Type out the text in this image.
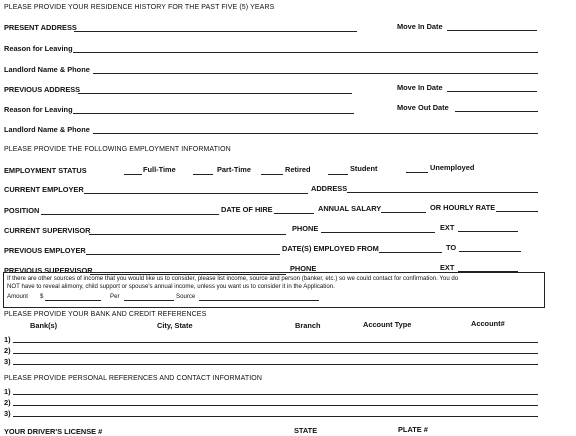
PLEASE PROVIDE YOUR RESIDENCE HISTORY FOR THE PAST FIVE (5) YEARS
PRESENT ADDRESS	Move In Date
Reason for Leaving
Landlord Name & Phone
PREVIOUS ADDRESS	Move In Date
Reason for Leaving	Move Out Date
Landlord Name & Phone
PLEASE PROVIDE THE FOLLOWING EMPLOYMENT INFORMATION
EMPLOYMENT STATUS	Full-Time	Part-Time	Retired	Student	Unemployed
CURRENT EMPLOYER	ADDRESS
POSITION	DATE OF HIRE	ANNUAL SALARY	OR HOURLY RATE
CURRENT SUPERVISOR	PHONE	EXT
PREVIOUS EMPLOYER	DATE(S) EMPLOYED FROM	TO
PREVIOUS SUPERVISOR	PHONE	EXT
If there are other sources of income that you would like us to consider, please list income, source and person (banker, etc.) so we could contact for confirmation. You do
NOT have to reveal alimony, child support or spouse's annual income, unless you want us to consider it in the Application.
Amount $	Per	Source
PLEASE PROVIDE YOUR BANK AND CREDIT REFERENCES
Bank(s)	City, State	Branch	Account Type	Account#
1)
2)
3)
PLEASE PROVIDE PERSONAL REFERENCES AND CONTACT INFORMATION
1)
2)
3)
YOUR DRIVER'S LICENSE #	STATE	PLATE #
